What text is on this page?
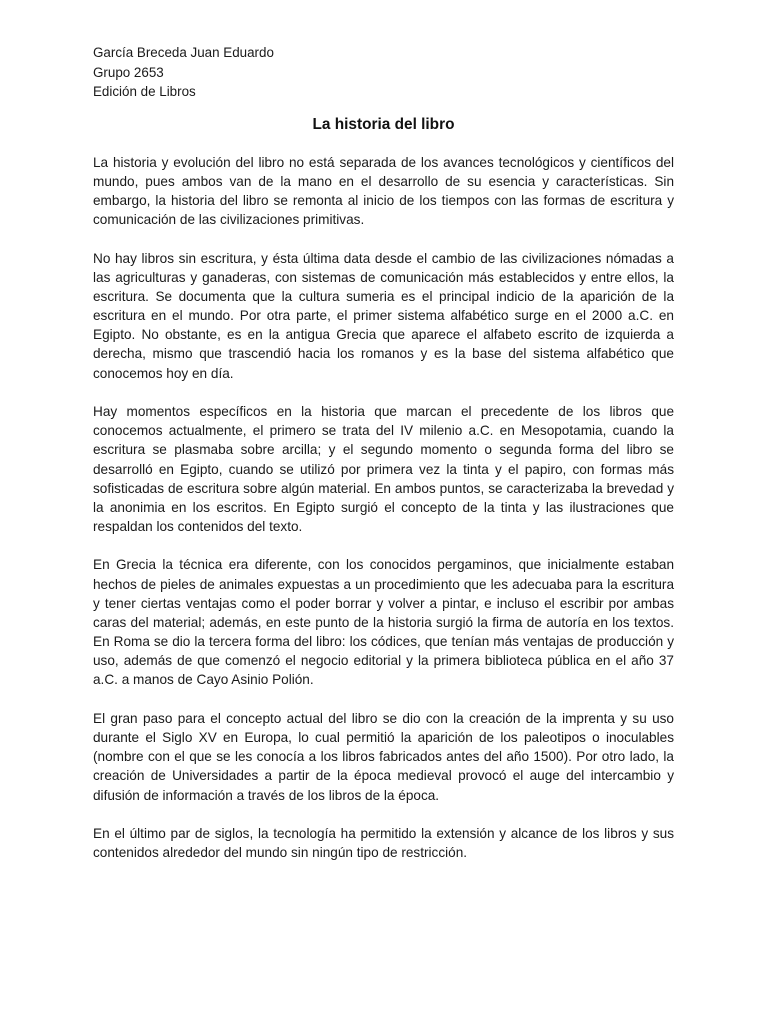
García Breceda Juan Eduardo

Grupo 2653

Edición de Libros

La historia del libro

La historia y evolución del libro no está separada de los avances tecnológicos y científicos del mundo, pues ambos van de la mano en el desarrollo de su esencia y características. Sin embargo, la historia del libro se remonta al inicio de los tiempos con las formas de escritura y comunicación de las civilizaciones primitivas.

No hay libros sin escritura, y ésta última data desde el cambio de las civilizaciones nómadas a las agriculturas y ganaderas, con sistemas de comunicación más establecidos y entre ellos, la escritura. Se documenta que la cultura sumeria es el principal indicio de la aparición de la escritura en el mundo. Por otra parte, el primer sistema alfabético surge en el 2000 a.C. en Egipto. No obstante, es en la antigua Grecia que aparece el alfabeto escrito de izquierda a derecha, mismo que trascendió hacia los romanos y es la base del sistema alfabético que conocemos hoy en día.

Hay momentos específicos en la historia que marcan el precedente de los libros que conocemos actualmente, el primero se trata del IV milenio a.C. en Mesopotamia, cuando la escritura se plasmaba sobre arcilla; y el segundo momento o segunda forma del libro se desarrolló en Egipto, cuando se utilizó por primera vez la tinta y el papiro, con formas más sofisticadas de escritura sobre algún material. En ambos puntos, se caracterizaba la brevedad y la anonimia en los escritos. En Egipto surgió el concepto de la tinta y las ilustraciones que respaldan los contenidos del texto.

En Grecia la técnica era diferente, con los conocidos pergaminos, que inicialmente estaban hechos de pieles de animales expuestas a un procedimiento que les adecuaba para la escritura y tener ciertas ventajas como el poder borrar y volver a pintar, e incluso el escribir por ambas caras del material; además, en este punto de la historia surgió la firma de autoría en los textos. En Roma se dio la tercera forma del libro: los códices, que tenían más ventajas de producción y uso, además de que comenzó el negocio editorial y la primera biblioteca pública en el año 37 a.C. a manos de Cayo Asinio Polión.

El gran paso para el concepto actual del libro se dio con la creación de la imprenta y su uso durante el Siglo XV en Europa, lo cual permitió la aparición de los paleotipos o inoculables (nombre con el que se les conocía a los libros fabricados antes del año 1500). Por otro lado, la creación de Universidades a partir de la época medieval provocó el auge del intercambio y difusión de información a través de los libros de la época.

En el último par de siglos, la tecnología ha permitido la extensión y alcance de los libros y sus contenidos alrededor del mundo sin ningún tipo de restricción.
